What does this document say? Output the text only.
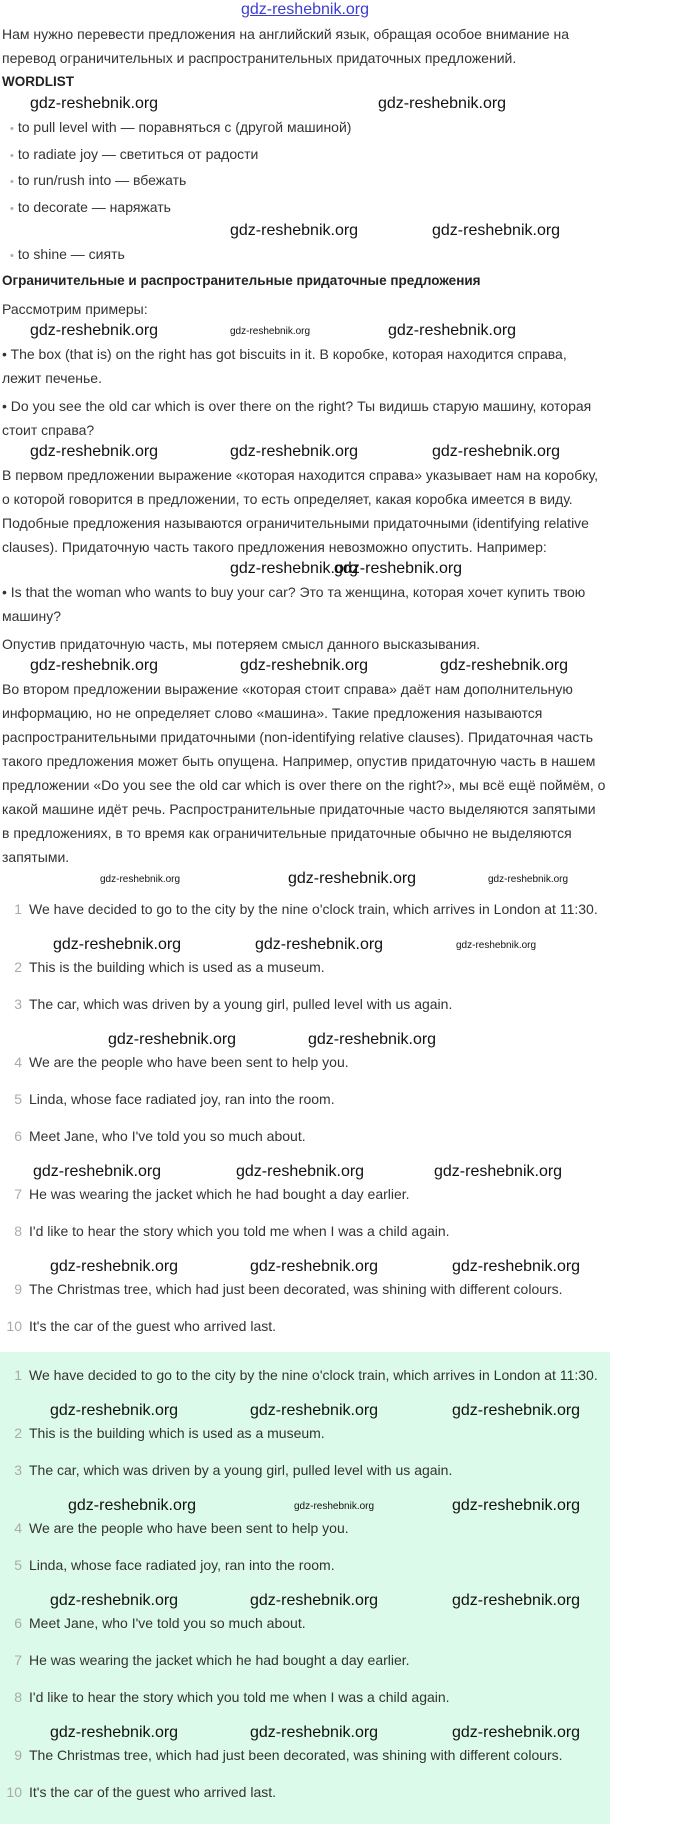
gdz-reshebnik.org

Нам нужно перевести предложения на английский язык, обращая особое внимание на перевод ограничительных и распространительных придаточных предложений.

WORDLIST

gdz-reshebnik.org	gdz-reshebnik.org
• to pull level with — поравняться с (другой машиной)
• to radiate joy — светиться от радости
• to run/rush into — вбежать
• to decorate — наряжать
gdz-reshebnik.org	gdz-reshebnik.org
• to shine — сиять

Ограничительные и распространительные придаточные предложения

Рассмотрим примеры:

gdz-reshebnik.org	gdz-reshebnik.org	gdz-reshebnik.org

• The box (that is) on the right has got biscuits in it. В коробке, которая находится справа, лежит печенье.

• Do you see the old car which is over there on the right? Ты видишь старую машину, которая стоит справа?

gdz-reshebnik.org	gdz-reshebnik.org	gdz-reshebnik.org

В первом предложении выражение «которая находится справа» указывает нам на коробку, о которой говорится в предложении, то есть определяет, какая коробка имеется в виду. Подобные предложения называются ограничительными придаточными (identifying relative clauses). Придаточную часть такого предложения невозможно опустить. Например:

gdz-reshebnik.org
gdz-reshebnik.org

• Is that the woman who wants to buy your car? Это та женщина, которая хочет купить твою машину?

Опустив придаточную часть, мы потеряем смысл данного высказывания.

gdz-reshebnik.org	gdz-reshebnik.org	gdz-reshebnik.org

Во втором предложении выражение «которая стоит справа» даёт нам дополнительную информацию, но не определяет слово «машина». Такие предложения называются распространительными придаточными (non-identifying relative clauses). Придаточная часть такого предложения может быть опущена. Например, опустив придаточную часть в нашем предложении «Do you see the old car which is over there on the right?», мы всё ещё поймём, о какой машине идёт речь. Распространительные придаточные часто выделяются запятыми в предложениях, в то время как ограничительные придаточные обычно не выделяются запятыми.

gdz-reshebnik.org	gdz-reshebnik.org	gdz-reshebnik.org
1 We have decided to go to the city by the nine o'clock train, which arrives in London at 11:30.
gdz-reshebnik.org	gdz-reshebnik.org	gdz-reshebnik.org
2 This is the building which is used as a museum.
3 The car, which was driven by a young girl, pulled level with us again.
gdz-reshebnik.org	gdz-reshebnik.org
4 We are the people who have been sent to help you.
5 Linda, whose face radiated joy, ran into the room.
6 Meet Jane, who I've told you so much about.
gdz-reshebnik.org	gdz-reshebnik.org	gdz-reshebnik.org
7 He was wearing the jacket which he had bought a day earlier.
8 I'd like to hear the story which you told me when I was a child again.
gdz-reshebnik.org	gdz-reshebnik.org	gdz-reshebnik.org
9 The Christmas tree, which had just been decorated, was shining with different colours.
10 It's the car of the guest who arrived last.
1 We have decided to go to the city by the nine o'clock train, which arrives in London at 11:30.
gdz-reshebnik.org	gdz-reshebnik.org	gdz-reshebnik.org
2 This is the building which is used as a museum.
3 The car, which was driven by a young girl, pulled level with us again.
gdz-reshebnik.org	gdz-reshebnik.org	gdz-reshebnik.org
4 We are the people who have been sent to help you.
5 Linda, whose face radiated joy, ran into the room.
gdz-reshebnik.org	gdz-reshebnik.org	gdz-reshebnik.org
6 Meet Jane, who I've told you so much about.
7 He was wearing the jacket which he had bought a day earlier.
8 I'd like to hear the story which you told me when I was a child again.
gdz-reshebnik.org	gdz-reshebnik.org	gdz-reshebnik.org
9 The Christmas tree, which had just been decorated, was shining with different colours.
10 It's the car of the guest who arrived last.
